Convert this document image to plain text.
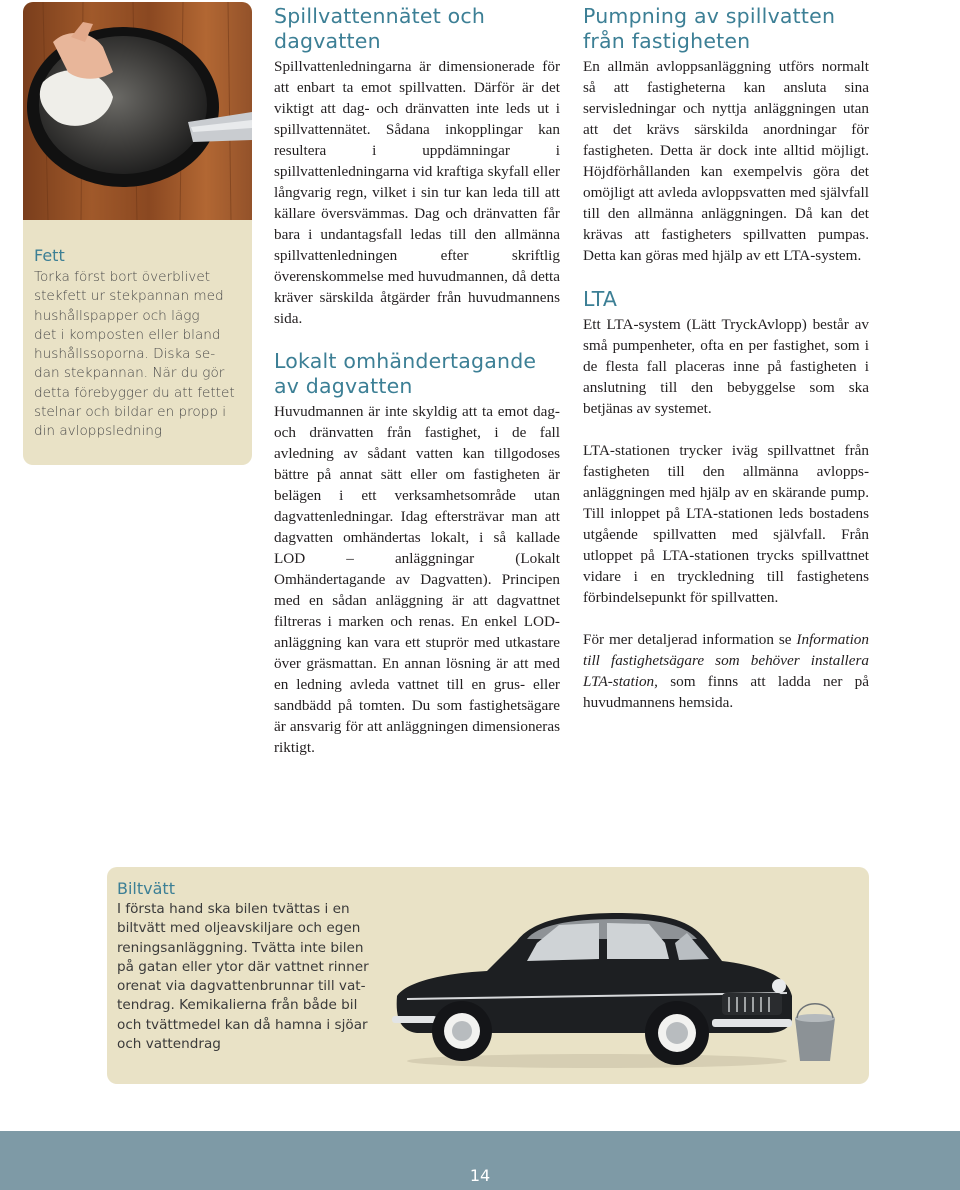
Fett
Torka först bort överblivet
stekfett ur stekpannan med
hushållspapper och lägg
det i komposten eller bland
hushållssoporna. Diska se-
dan stekpannan. När du gör
detta förebygger du att fettet
stelnar och bildar en propp i
din avloppsledning
Spillvattennätet och dagvatten
Spillvattenledningarna är dimensionerade för att enbart ta emot spillvatten. Därför är det viktigt att dag- och dränvatten inte leds ut i spillvattennätet. Sådana inkopplingar kan resultera i uppdämningar i spillvattenledningarna vid kraftiga skyfall eller långvarig regn, vilket i sin tur kan leda till att källare översvämmas. Dag och dränvatten får bara i undantagsfall ledas till den allmänna spillvattenledningen efter skriftlig överenskommelse med huvudmannen, då detta kräver särskilda åtgärder från huvudmannens sida.
Lokalt omhändertagande av dagvatten
Huvudmannen är inte skyldig att ta emot dag- och dränvatten från fastighet, i de fall avledning av sådant vatten kan tillgodoses bättre på annat sätt eller om fastigheten är belägen i ett verksamhetsområde utan dagvattenledningar. Idag eftersträvar man att dagvatten omhändertas lokalt, i så kallade LOD – anläggningar (Lokalt Omhändertagande av Dagvatten). Principen med en sådan anläggning är att dagvattnet filtreras i marken och renas. En enkel LOD-anläggning kan vara ett stuprör med utkastare över gräsmattan. En annan lösning är att med en ledning avleda vattnet till en grus- eller sandbädd på tomten. Du som fastighetsägare är ansvarig för att anläggningen dimensioneras riktigt.
Pumpning av spillvatten från fastigheten
En allmän avloppsanläggning utförs normalt så att fastigheterna kan ansluta sina servisledningar och nyttja anläggningen utan att det krävs särskilda anordningar för fastigheten. Detta är dock inte alltid möjligt. Höjdförhållanden kan exempelvis göra det omöjligt att avleda avloppsvatten med självfall till den allmänna anläggningen. Då kan det krävas att fastigheters spillvatten pumpas. Detta kan göras med hjälp av ett LTA-system.
LTA

Ett LTA-system (Lätt TryckAvlopp) består av små pumpenheter, ofta en per fastighet, som i de flesta fall placeras inne på fastigheten i anslutning till den bebyggelse som ska betjänas av systemet.

LTA-stationen trycker iväg spillvattnet från fastigheten till den allmänna avloppsanläggningen med hjälp av en skärande pump. Till inloppet på LTA-stationen leds bostadens utgående spillvatten med självfall. Från utloppet på LTA-stationen trycks spillvattnet vidare i en tryckledning till fastighetens förbindelsepunkt för spillvatten.

För mer detaljerad information se Information till fastighetsägare som behöver installera LTA-station, som finns att ladda ner på huvudmannens hemsida.

Biltvätt
I första hand ska bilen tvättas i en
biltvätt med oljeavskiljare och egen
reningsanläggning. Tvätta inte bilen
på gatan eller ytor där vattnet rinner
orenat via dagvattenbrunnar till vat-
tendrag. Kemikalierna från både bil
och tvättmedel kan då hamna i sjöar
och vattendrag
14
